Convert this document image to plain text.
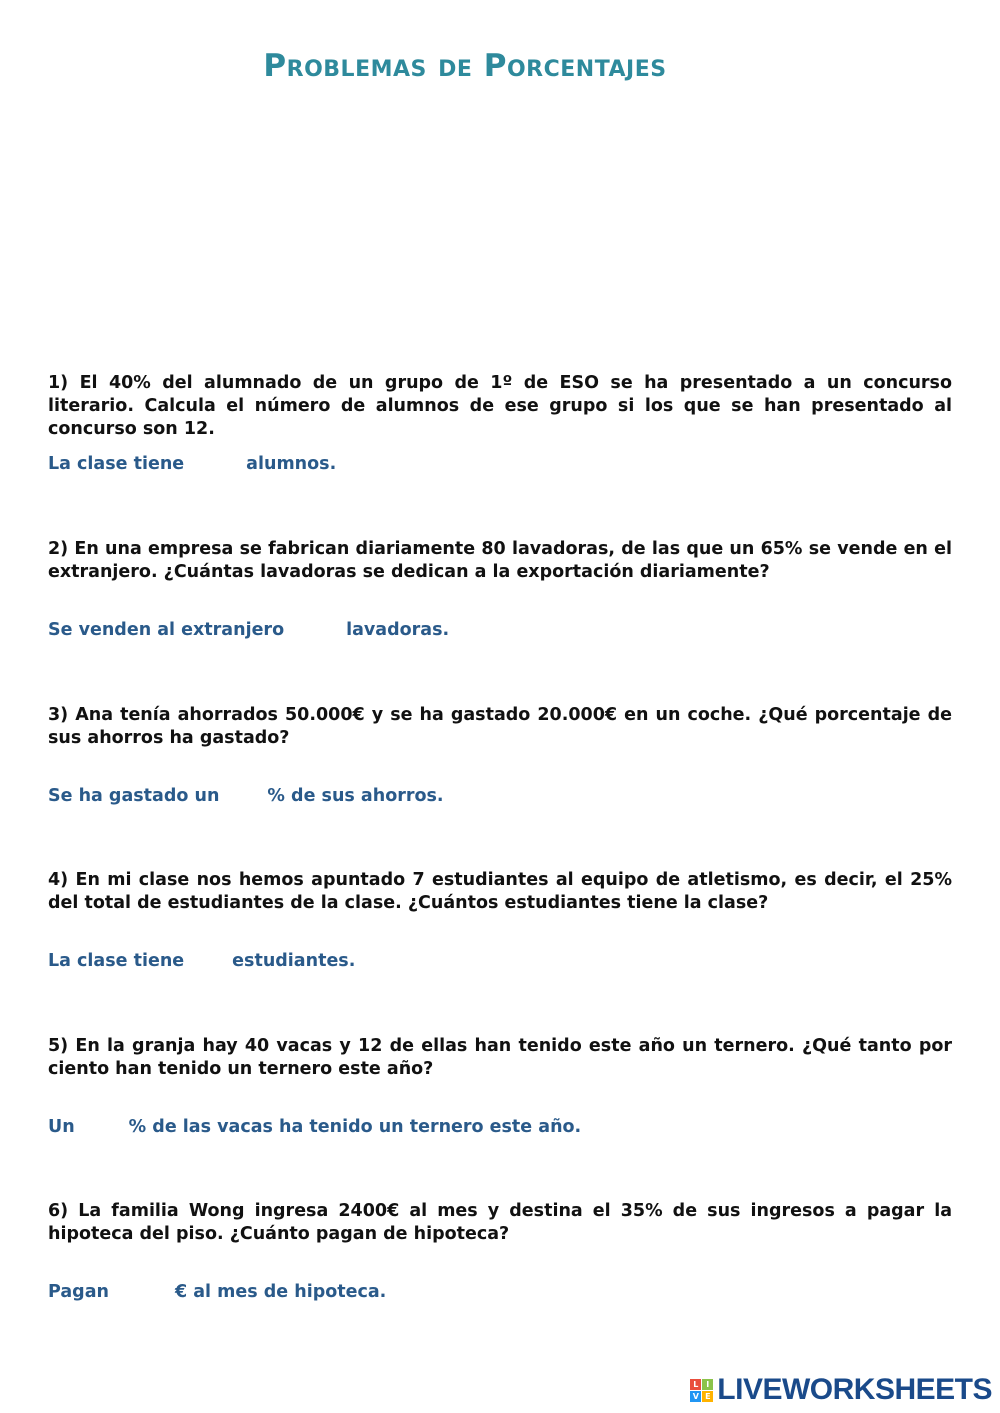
Problemas de Porcentajes
1) El 40% del alumnado de un grupo de 1º de ESO se ha presentado a un concurso literario. Calcula el número de alumnos de ese grupo si los que se han presentado al concurso son 12.
La clase tiene	alumnos.
2) En una empresa se fabrican diariamente 80 lavadoras, de las que un 65% se vende en el extranjero. ¿Cuántas lavadoras se dedican a la exportación diariamente?
Se venden al extranjero	lavadoras.
3) Ana tenía ahorrados 50.000€ y se ha gastado 20.000€ en un coche. ¿Qué porcentaje de sus ahorros ha gastado?
Se ha gastado un	% de sus ahorros.
4) En mi clase nos hemos apuntado 7 estudiantes al equipo de atletismo, es decir, el 25% del total de estudiantes de la clase. ¿Cuántos estudiantes tiene la clase?
La clase tiene	estudiantes.
5) En la granja hay 40 vacas y 12 de ellas han tenido este año un ternero. ¿Qué tanto por ciento han tenido un ternero este año?
Un	% de las vacas ha tenido un ternero este año.
6) La familia Wong ingresa 2400€ al mes y destina el 35% de sus ingresos a pagar la hipoteca del piso. ¿Cuánto pagan de hipoteca?
Pagan	€ al mes de hipoteca.
L I
V E LIVEWORKSHEETS
